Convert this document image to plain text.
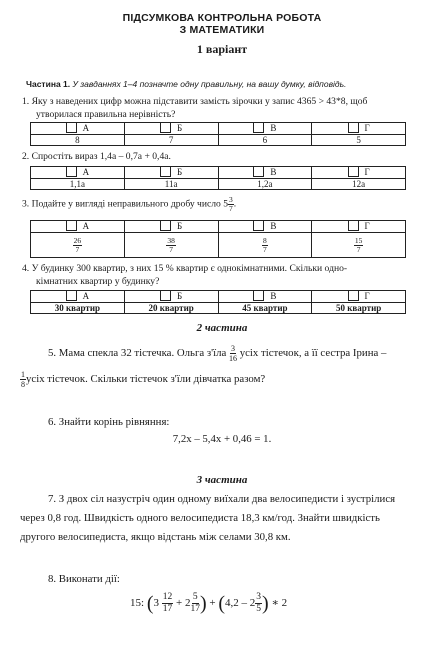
ПІДСУМКОВА КОНТРОЛЬНА РОБОТА
З МАТЕМАТИКИ
1 варіант
Частина 1. У завданнях 1–4 позначте одну правильну, на вашу думку, відповідь.
1. Яку з наведених цифр можна підставити замість зірочки у запис 4365 > 43*8, щоб
утворилася правильна нерівність?
А	Б	В	Г
8	7	6	5
2. Спростіть вираз 1,4a – 0,7a + 0,4a.
А	Б	В	Г
1,1a	11a	1,2a	12a
3. Подайте у вигляді неправильного дробу число $5 \frac{3}{7}$ .
А	Б	В	Г

$\frac{26}{7}$	$\frac{38}{7}$	$\frac{8}{7}$	$\frac{15}{7}$
4. У будинку 300 квартир, з них 15 % квартир є однокімнатними. Скільки одно-
кімнатних квартир у будинку?
А	Б	В	Г
30 квартир	20 квартир	45 квартир	50 квартир
2 частина
5. Мама спекла 32 тістечка. Ольга $з'їла \frac{3}{16}$ усіх тістечок, а її сестра Ірина –
$\frac{1}{8}$ усіх тістечок. Скільки тістечок з'їли дівчатка разом?
6. Знайти корінь рівняння:
7,2х – 5,4х + 0,46 = 1.
3 частина
7. З двох сіл назустріч один одному виїхали два велосипедисти і зустрілися
через 0,8 год. Швидкість одного велосипедиста 18,3 км/год. Знайти швидкість
другого велосипедиста, якщо відстань між селами 30,8 км.
8. Виконати дії:
15: ($3 \frac{12}{17} + 2 \frac{5}{17}$ ) + ($4,2 - 2 \frac{3}{5}$ ) ∗ 2
